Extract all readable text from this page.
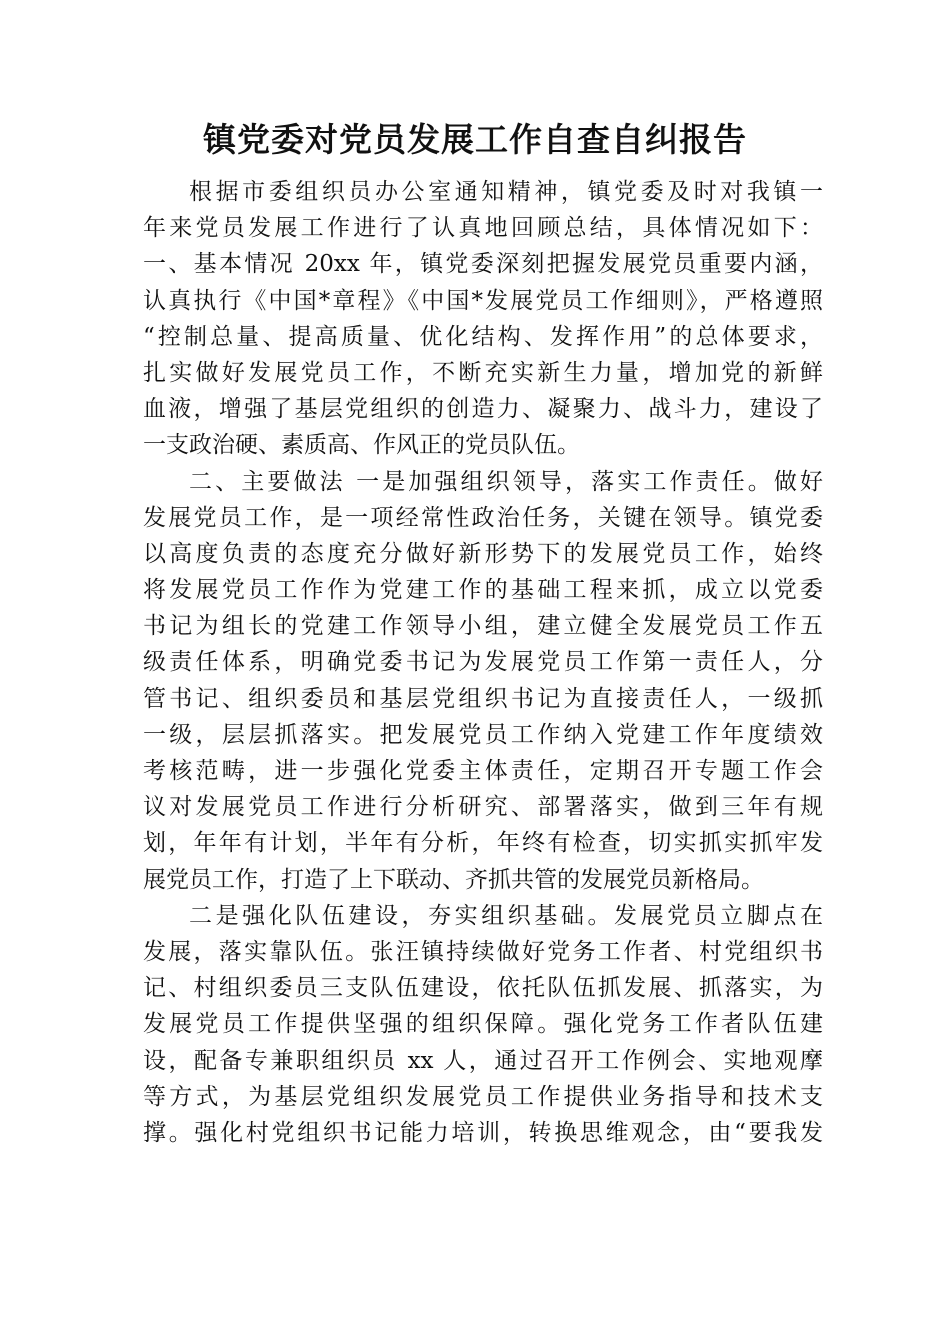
镇党委对党员发展工作自查自纠报告
根据市委组织员办公室通知精神，镇党委及时对我镇一
年来党员发展工作进行了认真地回顾总结，具体情况如下：
一、基本情况 20xx 年，镇党委深刻把握发展党员重要内涵，
认真执行《中国*章程》《中国*发展党员工作细则》，严格遵照
“控制总量、提高质量、优化结构、发挥作用”的总体要求，
扎实做好发展党员工作，不断充实新生力量，增加党的新鲜
血液，增强了基层党组织的创造力、凝聚力、战斗力，建设了
一支政治硬、素质高、作风正的党员队伍。
二、主要做法 一是加强组织领导，落实工作责任。做好
发展党员工作，是一项经常性政治任务，关键在领导。镇党委
以高度负责的态度充分做好新形势下的发展党员工作，始终
将发展党员工作作为党建工作的基础工程来抓，成立以党委
书记为组长的党建工作领导小组，建立健全发展党员工作五
级责任体系，明确党委书记为发展党员工作第一责任人，分
管书记、组织委员和基层党组织书记为直接责任人，一级抓
一级，层层抓落实。把发展党员工作纳入党建工作年度绩效
考核范畴，进一步强化党委主体责任，定期召开专题工作会
议对发展党员工作进行分析研究、部署落实，做到三年有规
划，年年有计划，半年有分析，年终有检查，切实抓实抓牢发
展党员工作，打造了上下联动、齐抓共管的发展党员新格局。
二是强化队伍建设，夯实组织基础。发展党员立脚点在
发展，落实靠队伍。张汪镇持续做好党务工作者、村党组织书
记、村组织委员三支队伍建设，依托队伍抓发展、抓落实，为
发展党员工作提供坚强的组织保障。强化党务工作者队伍建
设，配备专兼职组织员 xx 人，通过召开工作例会、实地观摩
等方式，为基层党组织发展党员工作提供业务指导和技术支
撑。强化村党组织书记能力培训，转换思维观念，由“要我发
